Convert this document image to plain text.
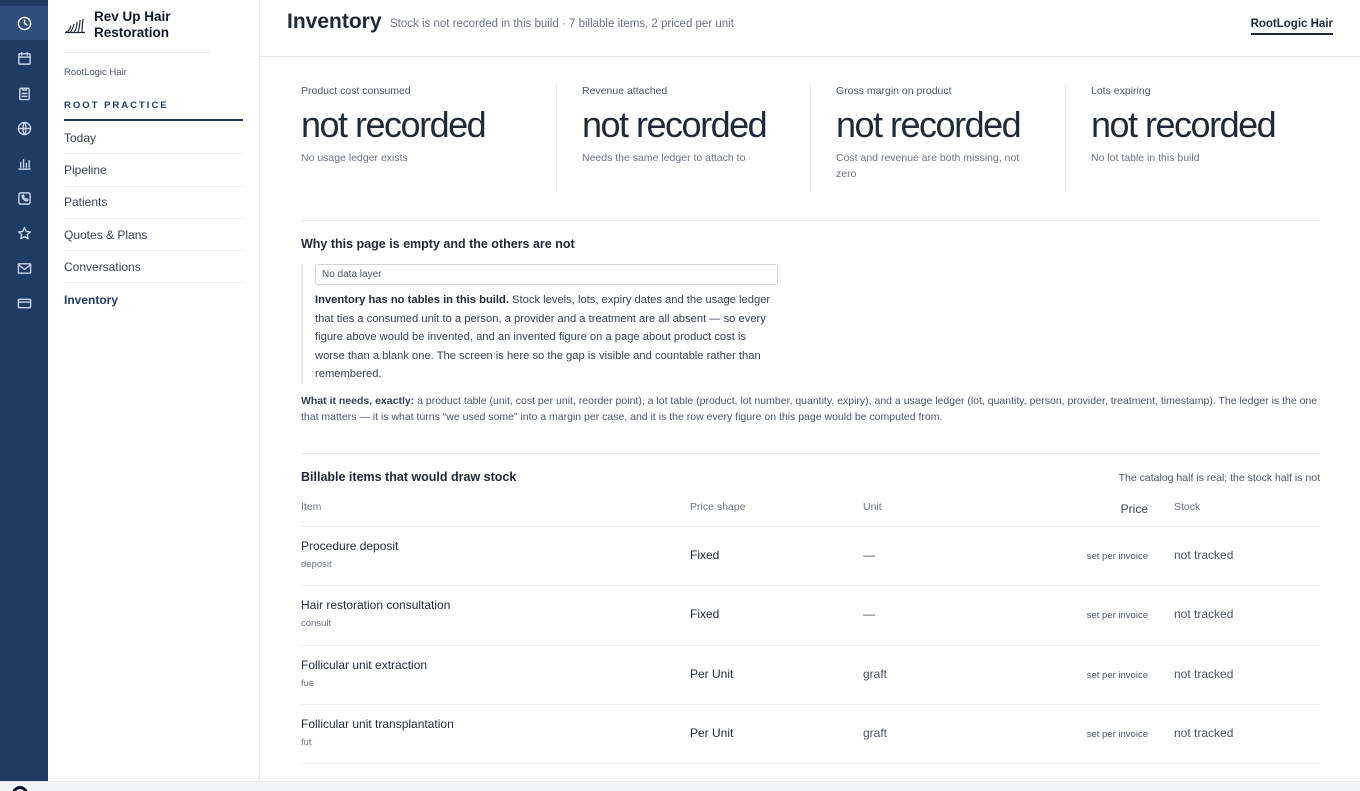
Rev Up Hair Restoration
RootLogic Hair
ROOT PRACTICE
Today
Pipeline
Patients
Quotes & Plans
Conversations
Inventory
Inventory Stock is not recorded in this build · 7 billable items, 2 priced per unit	RootLogic Hair
Product cost consumed
not recorded
No usage ledger exists
Revenue attached
not recorded
Needs the same ledger to attach to
Gross margin on product
not recorded
Cost and revenue are both missing, not zero
Lots expiring
not recorded
No lot table in this build
Why this page is empty and the others are not
No data layer
Inventory has no tables in this build. Stock levels, lots, expiry dates and the usage ledger that ties a consumed unit to a person, a provider and a treatment are all absent — so every figure above would be invented, and an invented figure on a page about product cost is worse than a blank one. The screen is here so the gap is visible and countable rather than remembered.
What it needs, exactly: a product table (unit, cost per unit, reorder point), a lot table (product, lot number, quantity, expiry), and a usage ledger (lot, quantity, person, provider, treatment, timestamp). The ledger is the one that matters — it is what turns “we used some” into a margin per case, and it is the row every figure on this page would be computed from.
Billable items that would draw stock	The catalog half is real; the stock half is not
Item	Price shape	Unit	Price Stock
Procedure deposit
deposit
Fixed	—	set per invoice not tracked
Hair restoration consultation
consult
Fixed	—	set per invoice not tracked
Follicular unit extraction
fue
Per Unit	graft	set per invoice not tracked
Follicular unit transplantation
fut
Per Unit	graft	set per invoice not tracked
